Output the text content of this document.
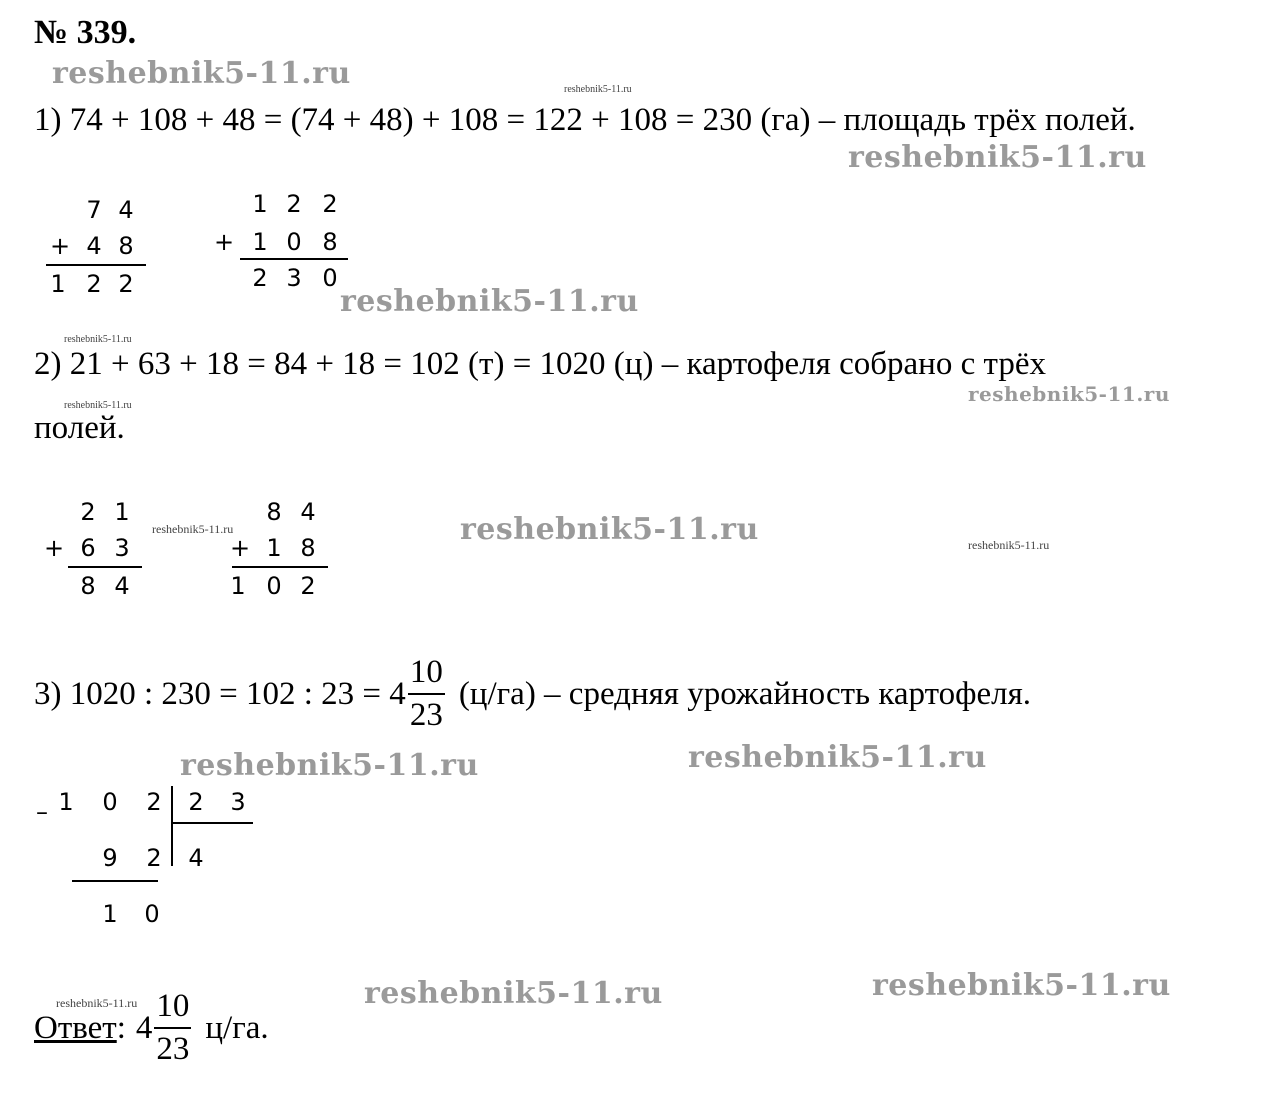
№ 339.
1) 74 + 108 + 48 = (74 + 48) + 108 = 122 + 108 = 230 (га) – площадь трёх полей.
7 4
+ 4 8
1 2 2
1 2 2
+ 1 0 8
2 3 0
2) 21 + 63 + 18 = 84 + 18 = 102 (т) = 1020 (ц) – картофеля собрано с трёх
полей.
2 1
+ 6 3
8 4
8 4
+ 1 8
1 0 2
3) 1020 : 230 = 102 : $23 = 4 \frac{10}{23} (ц/га)$ – средняя урожайность картофеля.
– 1 0 2 2 3
9 2 4
1 0
Ответ : $4 \frac{10}{23} ц/га$.
reshebnik5-11.ru
reshebnik5-11.ru
reshebnik5-11.ru
reshebnik5-11.ru
reshebnik5-11.ru	reshebnik5-11.ru
reshebnik5-11.ru	reshebnik5-11.ru
reshebnik5-11.ru
reshebnik5-11.ru
reshebnik5-11.ru
reshebnik5-11.ru
reshebnik5-11.ru
reshebnik5-11.ru
reshebnik5-11.ru
